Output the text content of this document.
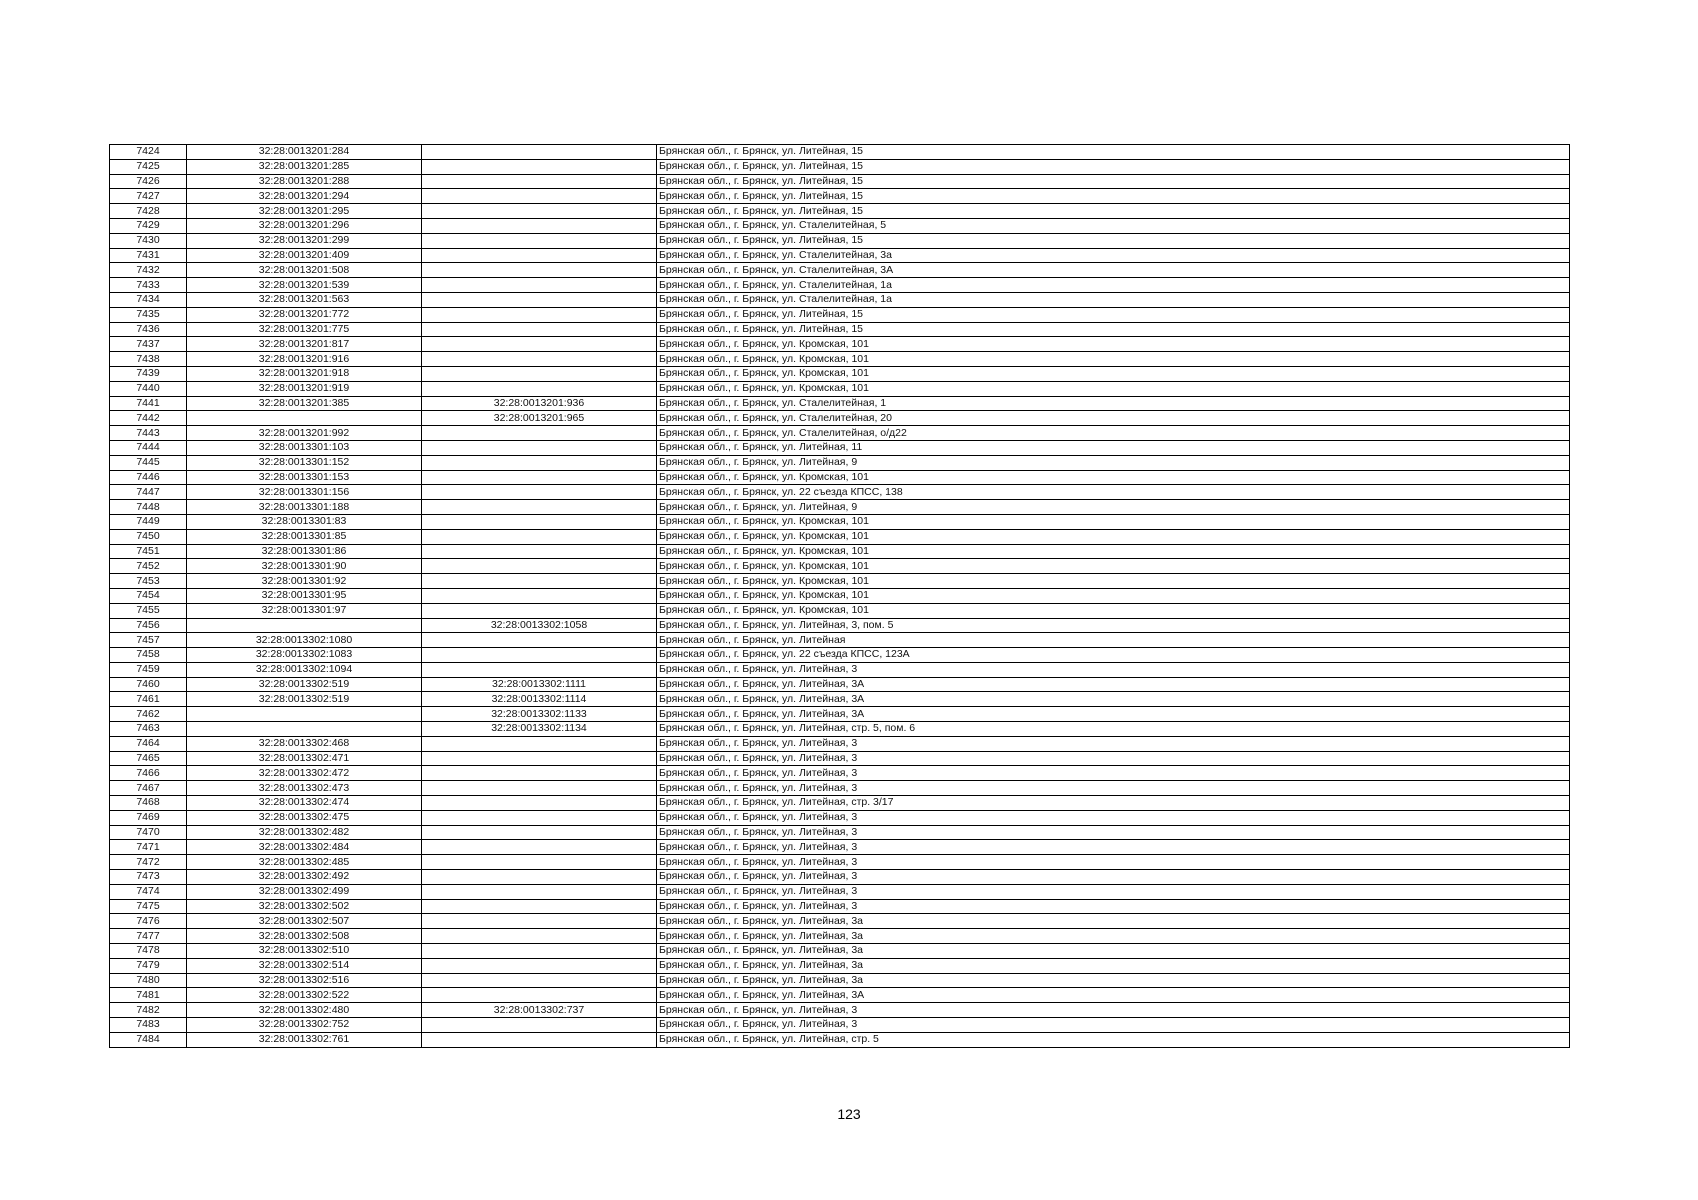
7424	32:28:0013201:284		Брянская обл., г. Брянск, ул. Литейная, 15
7425	32:28:0013201:285		Брянская обл., г. Брянск, ул. Литейная, 15
7426	32:28:0013201:288		Брянская обл., г. Брянск, ул. Литейная, 15
7427	32:28:0013201:294		Брянская обл., г. Брянск, ул. Литейная, 15
7428	32:28:0013201:295		Брянская обл., г. Брянск, ул. Литейная, 15
7429	32:28:0013201:296		Брянская обл., г. Брянск, ул. Сталелитейная, 5
7430	32:28:0013201:299		Брянская обл., г. Брянск, ул. Литейная, 15
7431	32:28:0013201:409		Брянская обл., г. Брянск, ул. Сталелитейная, 3а
7432	32:28:0013201:508		Брянская обл., г. Брянск, ул. Сталелитейная, 3А
7433	32:28:0013201:539		Брянская обл., г. Брянск, ул. Сталелитейная, 1а
7434	32:28:0013201:563		Брянская обл., г. Брянск, ул. Сталелитейная, 1а
7435	32:28:0013201:772		Брянская обл., г. Брянск, ул. Литейная, 15
7436	32:28:0013201:775		Брянская обл., г. Брянск, ул. Литейная, 15
7437	32:28:0013201:817		Брянская обл., г. Брянск, ул. Кромская, 101
7438	32:28:0013201:916		Брянская обл., г. Брянск, ул. Кромская, 101
7439	32:28:0013201:918		Брянская обл., г. Брянск, ул. Кромская, 101
7440	32:28:0013201:919		Брянская обл., г. Брянск, ул. Кромская, 101
7441	32:28:0013201:385	32:28:0013201:936	Брянская обл., г. Брянск, ул. Сталелитейная, 1
7442		32:28:0013201:965	Брянская обл., г. Брянск, ул. Сталелитейная, 20
7443	32:28:0013201:992		Брянская обл., г. Брянск, ул. Сталелитейная, о/д22
7444	32:28:0013301:103		Брянская обл., г. Брянск, ул. Литейная, 11
7445	32:28:0013301:152		Брянская обл., г. Брянск, ул. Литейная, 9
7446	32:28:0013301:153		Брянская обл., г. Брянск, ул. Кромская, 101
7447	32:28:0013301:156		Брянская обл., г. Брянск, ул. 22 съезда КПСС, 138
7448	32:28:0013301:188		Брянская обл., г. Брянск, ул. Литейная, 9
7449	32:28:0013301:83		Брянская обл., г. Брянск, ул. Кромская, 101
7450	32:28:0013301:85		Брянская обл., г. Брянск, ул. Кромская, 101
7451	32:28:0013301:86		Брянская обл., г. Брянск, ул. Кромская, 101
7452	32:28:0013301:90		Брянская обл., г. Брянск, ул. Кромская, 101
7453	32:28:0013301:92		Брянская обл., г. Брянск, ул. Кромская, 101
7454	32:28:0013301:95		Брянская обл., г. Брянск, ул. Кромская, 101
7455	32:28:0013301:97		Брянская обл., г. Брянск, ул. Кромская, 101
7456		32:28:0013302:1058	Брянская обл., г. Брянск, ул. Литейная, 3, пом. 5
7457	32:28:0013302:1080		Брянская обл., г. Брянск, ул. Литейная
7458	32:28:0013302:1083		Брянская обл., г. Брянск, ул. 22 съезда КПСС, 123А
7459	32:28:0013302:1094		Брянская обл., г. Брянск, ул. Литейная, 3
7460	32:28:0013302:519	32:28:0013302:1111	Брянская обл., г. Брянск, ул. Литейная, 3А
7461	32:28:0013302:519	32:28:0013302:1114	Брянская обл., г. Брянск, ул. Литейная, 3А
7462		32:28:0013302:1133	Брянская обл., г. Брянск, ул. Литейная, 3А
7463		32:28:0013302:1134	Брянская обл., г. Брянск, ул. Литейная, стр. 5, пом. 6
7464	32:28:0013302:468		Брянская обл., г. Брянск, ул. Литейная, 3
7465	32:28:0013302:471		Брянская обл., г. Брянск, ул. Литейная, 3
7466	32:28:0013302:472		Брянская обл., г. Брянск, ул. Литейная, 3
7467	32:28:0013302:473		Брянская обл., г. Брянск, ул. Литейная, 3
7468	32:28:0013302:474		Брянская обл., г. Брянск, ул. Литейная, стр. 3/17
7469	32:28:0013302:475		Брянская обл., г. Брянск, ул. Литейная, 3
7470	32:28:0013302:482		Брянская обл., г. Брянск, ул. Литейная, 3
7471	32:28:0013302:484		Брянская обл., г. Брянск, ул. Литейная, 3
7472	32:28:0013302:485		Брянская обл., г. Брянск, ул. Литейная, 3
7473	32:28:0013302:492		Брянская обл., г. Брянск, ул. Литейная, 3
7474	32:28:0013302:499		Брянская обл., г. Брянск, ул. Литейная, 3
7475	32:28:0013302:502		Брянская обл., г. Брянск, ул. Литейная, 3
7476	32:28:0013302:507		Брянская обл., г. Брянск, ул. Литейная, 3а
7477	32:28:0013302:508		Брянская обл., г. Брянск, ул. Литейная, 3а
7478	32:28:0013302:510		Брянская обл., г. Брянск, ул. Литейная, 3а
7479	32:28:0013302:514		Брянская обл., г. Брянск, ул. Литейная, 3а
7480	32:28:0013302:516		Брянская обл., г. Брянск, ул. Литейная, 3а
7481	32:28:0013302:522		Брянская обл., г. Брянск, ул. Литейная, 3А
7482	32:28:0013302:480	32:28:0013302:737	Брянская обл., г. Брянск, ул. Литейная, 3
7483	32:28:0013302:752		Брянская обл., г. Брянск, ул. Литейная, 3
7484	32:28:0013302:761		Брянская обл., г. Брянск, ул. Литейная, стр. 5
123
